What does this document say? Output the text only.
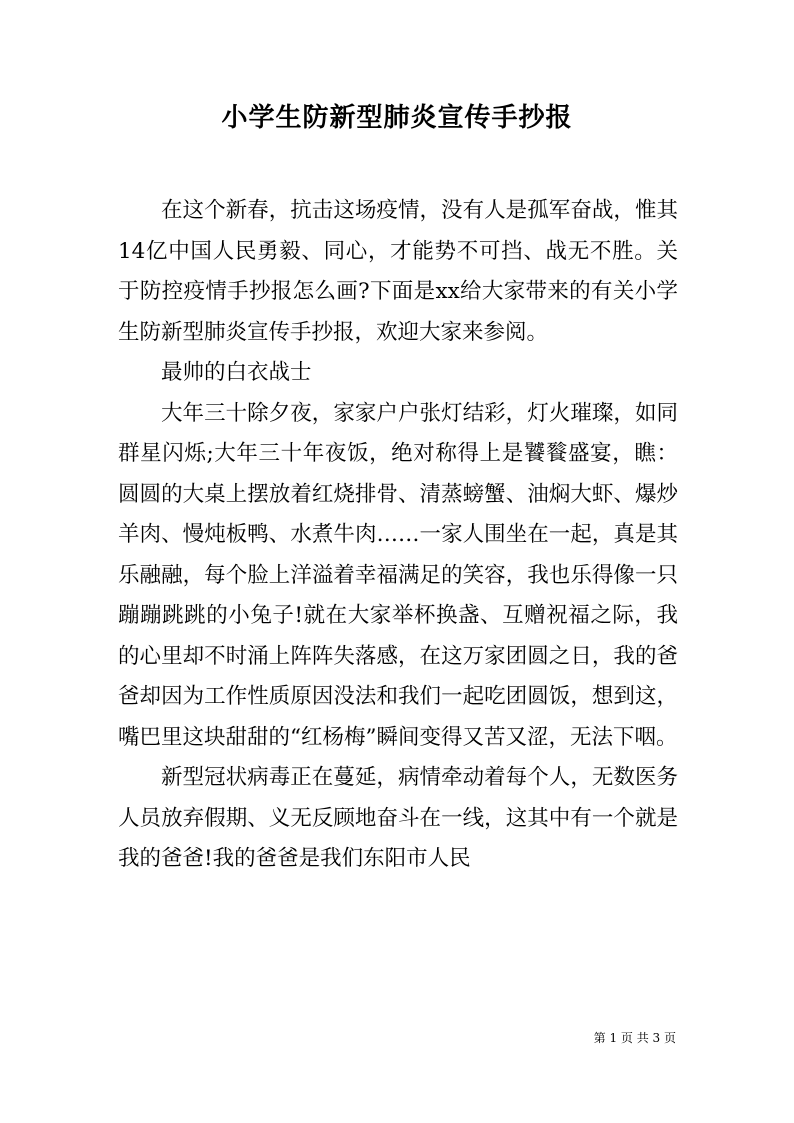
小学生防新型肺炎宣传手抄报

在这个新春，抗击这场疫情，没有人是孤军奋战，惟其14亿中国人民勇毅、同心，才能势不可挡、战无不胜。关于防控疫情手抄报怎么画?下面是xx给大家带来的有关小学生防新型肺炎宣传手抄报，欢迎大家来参阅。

最帅的白衣战士

大年三十除夕夜，家家户户张灯结彩，灯火璀璨，如同群星闪烁;大年三十年夜饭，绝对称得上是饕餮盛宴，瞧：圆圆的大桌上摆放着红烧排骨、清蒸螃蟹、油焖大虾、爆炒羊肉、慢炖板鸭、水煮牛肉……一家人围坐在一起，真是其乐融融，每个脸上洋溢着幸福满足的笑容，我也乐得像一只蹦蹦跳跳的小兔子!就在大家举杯换盏、互赠祝福之际，我的心里却不时涌上阵阵失落感，在这万家团圆之日，我的爸爸却因为工作性质原因没法和我们一起吃团圆饭，想到这，嘴巴里这块甜甜的“红杨梅”瞬间变得又苦又涩，无法下咽。

新型冠状病毒正在蔓延，病情牵动着每个人，无数医务人员放弃假期、义无反顾地奋斗在一线，这其中有一个就是我的爸爸!我的爸爸是我们东阳市人民

第 1 页 共 3 页
